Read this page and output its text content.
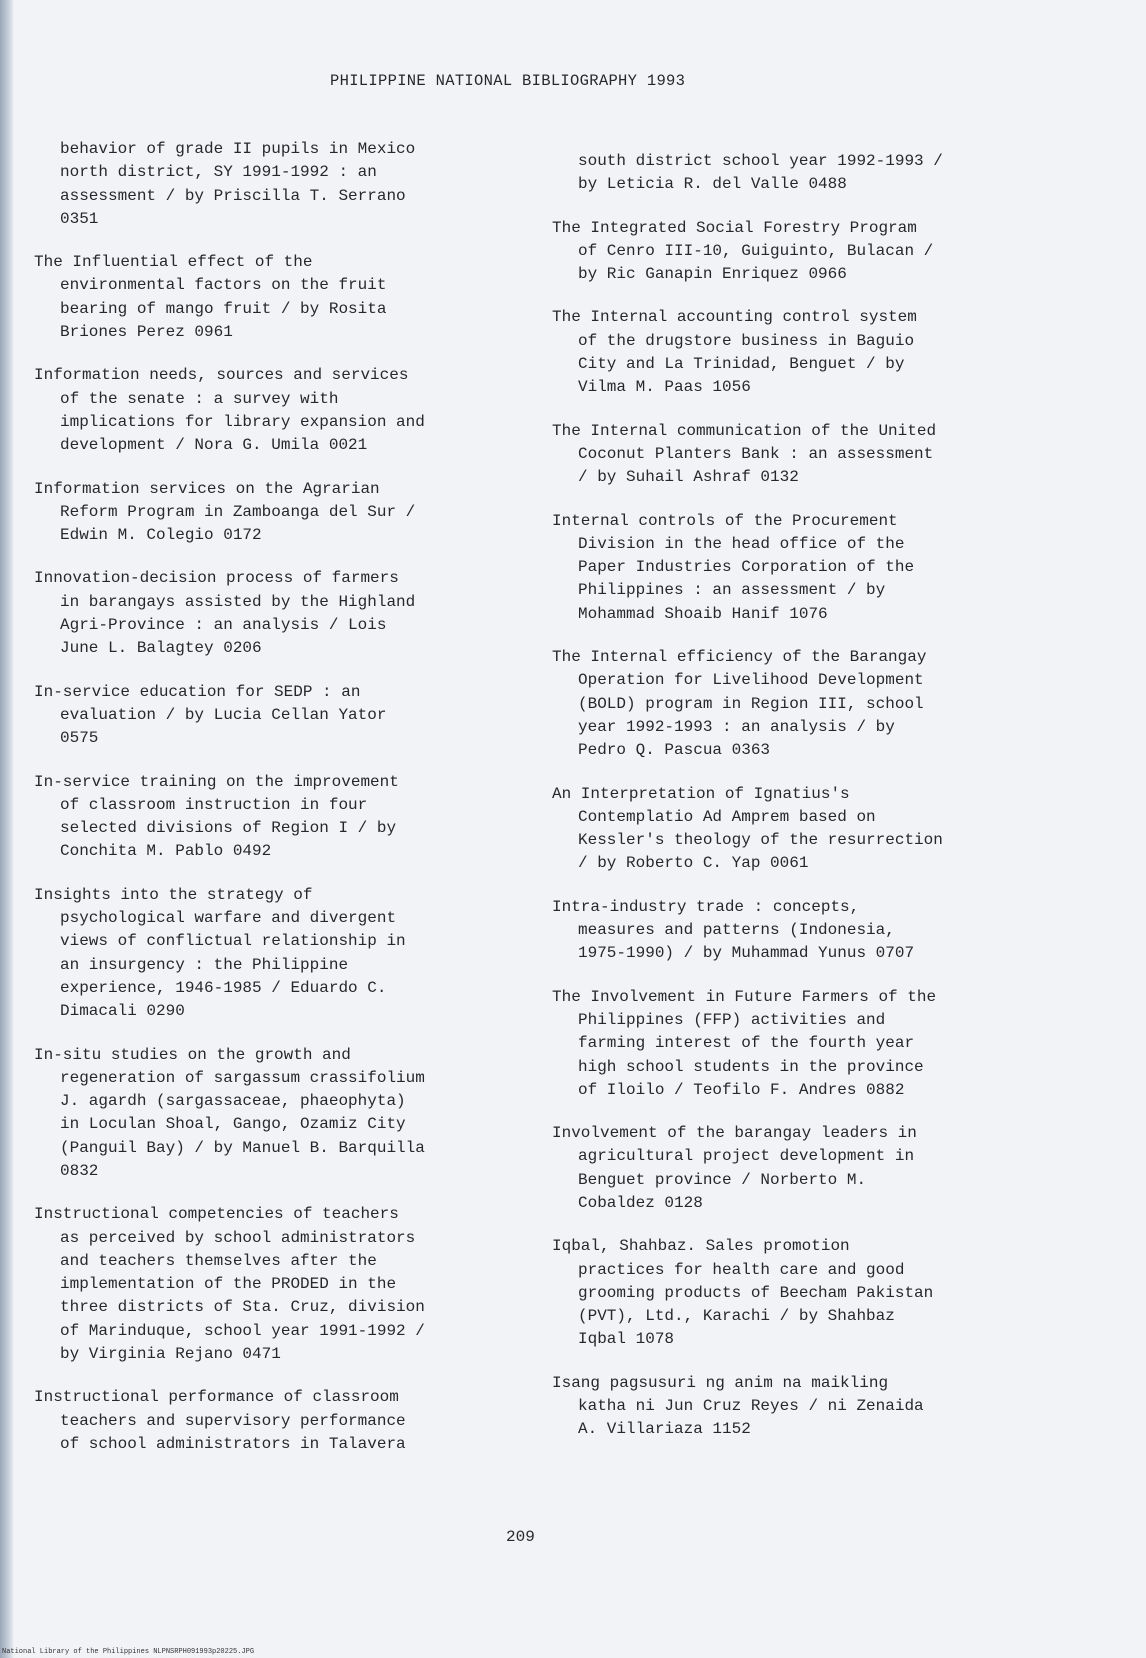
PHILIPPINE NATIONAL BIBLIOGRAPHY 1993
behavior of grade II pupils in Mexico
north district, SY 1991-1992 : an
assessment / by Priscilla T. Serrano
0351
The Influential effect of the
environmental factors on the fruit
bearing of mango fruit / by Rosita
Briones Perez 0961
Information needs, sources and services
of the senate : a survey with
implications for library expansion and
development / Nora G. Umila 0021
Information services on the Agrarian
Reform Program in Zamboanga del Sur /
Edwin M. Colegio 0172
Innovation-decision process of farmers
in barangays assisted by the Highland
Agri-Province : an analysis / Lois
June L. Balagtey 0206
In-service education for SEDP : an
evaluation / by Lucia Cellan Yator
0575
In-service training on the improvement
of classroom instruction in four
selected divisions of Region I / by
Conchita M. Pablo 0492
Insights into the strategy of
psychological warfare and divergent
views of conflictual relationship in
an insurgency : the Philippine
experience, 1946-1985 / Eduardo C.
Dimacali 0290
In-situ studies on the growth and
regeneration of sargassum crassifolium
J. agardh (sargassaceae, phaeophyta)
in Loculan Shoal, Gango, Ozamiz City
(Panguil Bay) / by Manuel B. Barquilla
0832
Instructional competencies of teachers
as perceived by school administrators
and teachers themselves after the
implementation of the PRODED in the
three districts of Sta. Cruz, division
of Marinduque, school year 1991-1992 /
by Virginia Rejano 0471
Instructional performance of classroom
teachers and supervisory performance
of school administrators in Talavera
south district school year 1992-1993 /
by Leticia R. del Valle 0488
The Integrated Social Forestry Program
of Cenro III-10, Guiguinto, Bulacan /
by Ric Ganapin Enriquez 0966
The Internal accounting control system
of the drugstore business in Baguio
City and La Trinidad, Benguet / by
Vilma M. Paas 1056
The Internal communication of the United
Coconut Planters Bank : an assessment
/ by Suhail Ashraf 0132
Internal controls of the Procurement
Division in the head office of the
Paper Industries Corporation of the
Philippines : an assessment / by
Mohammad Shoaib Hanif 1076
The Internal efficiency of the Barangay
Operation for Livelihood Development
(BOLD) program in Region III, school
year 1992-1993 : an analysis / by
Pedro Q. Pascua 0363
An Interpretation of Ignatius's
Contemplatio Ad Amprem based on
Kessler's theology of the resurrection
/ by Roberto C. Yap 0061
Intra-industry trade : concepts,
measures and patterns (Indonesia,
1975-1990) / by Muhammad Yunus 0707
The Involvement in Future Farmers of the
Philippines (FFP) activities and
farming interest of the fourth year
high school students in the province
of Iloilo / Teofilo F. Andres 0882
Involvement of the barangay leaders in
agricultural project development in
Benguet province / Norberto M.
Cobaldez 0128
Iqbal, Shahbaz. Sales promotion
practices for health care and good
grooming products of Beecham Pakistan
(PVT), Ltd., Karachi / by Shahbaz
Iqbal 1078
Isang pagsusuri ng anim na maikling
katha ni Jun Cruz Reyes / ni Zenaida
A. Villariaza 1152
209
National Library of the Philippines NLPNSRPH091993p20225.JPG
